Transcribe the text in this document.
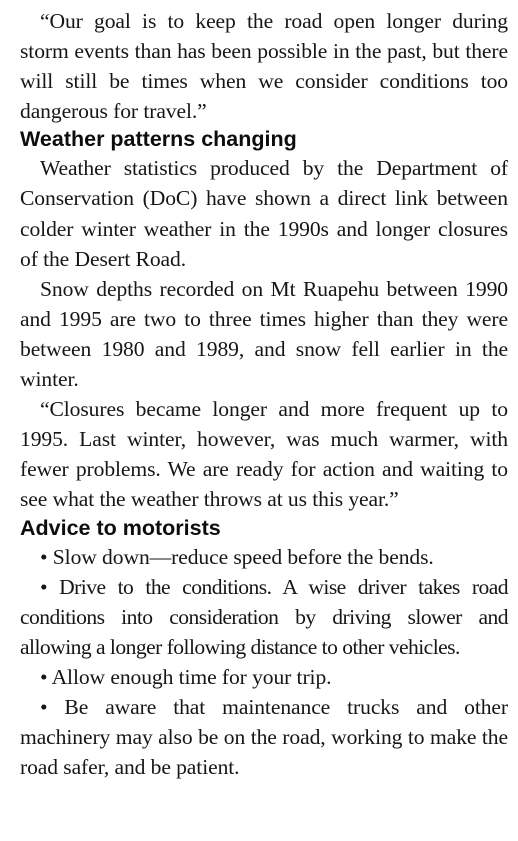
“Our goal is to keep the road open longer during storm events than has been possible in the past, but there will still be times when we consider conditions too dangerous for travel.”

Weather patterns changing

Weather statistics produced by the Department of Conservation (DoC) have shown a direct link between colder winter weather in the 1990s and longer closures of the Desert Road.

Snow depths recorded on Mt Ruapehu between 1990 and 1995 are two to three times higher than they were between 1980 and 1989, and snow fell earlier in the winter.

“Closures became longer and more frequent up to 1995. Last winter, however, was much warmer, with fewer problems. We are ready for action and waiting to see what the weather throws at us this year.”

Advice to motorists

• Slow down—reduce speed before the bends.

• Drive to the conditions. A wise driver takes road conditions into consideration by driving slower and allowing a longer following distance to other vehicles.

• Allow enough time for your trip.

• Be aware that maintenance trucks and other machinery may also be on the road, working to make the road safer, and be patient.
